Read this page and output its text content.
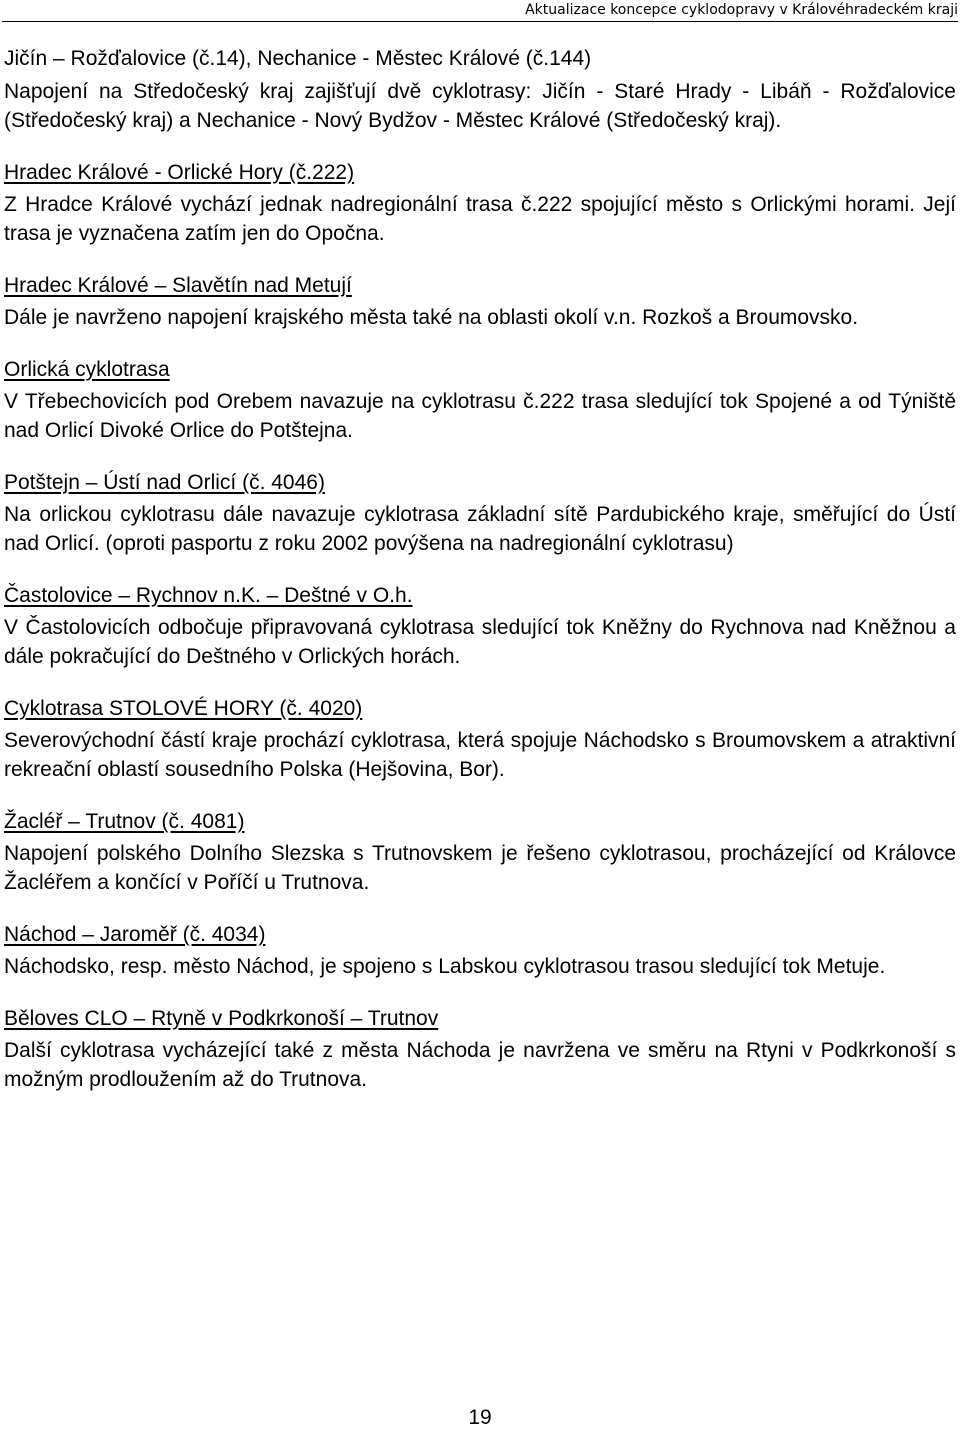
Aktualizace koncepce cyklodopravy v Královéhradeckém kraji

Jičín – Rožďalovice (č.14), Nechanice - Městec Králové (č.144)

Napojení na Středočeský kraj zajišťují dvě cyklotrasy: Jičín - Staré Hrady - Libáň - Rožďalovice (Středočeský kraj) a Nechanice - Nový Bydžov - Městec Králové (Středočeský kraj).

Hradec Králové - Orlické Hory (č.222)

Z Hradce Králové vychází jednak nadregionální trasa č.222 spojující město s Orlickými horami. Její trasa je vyznačena zatím jen do Opočna.

Hradec Králové – Slavětín nad Metují

Dále je navrženo napojení krajského města také na oblasti okolí v.n. Rozkoš a Broumovsko.

Orlická cyklotrasa

V Třebechovicích pod Orebem navazuje na cyklotrasu č.222 trasa sledující tok Spojené a od Týniště nad Orlicí Divoké Orlice do Potštejna.

Potštejn – Ústí nad Orlicí (č. 4046)

Na orlickou cyklotrasu dále navazuje cyklotrasa základní sítě Pardubického kraje, směřující do Ústí nad Orlicí. (oproti pasportu z roku 2002 povýšena na nadregionální cyklotrasu)

Častolovice – Rychnov n.K. – Deštné v O.h.

V Častolovicích odbočuje připravovaná cyklotrasa sledující tok Kněžny do Rychnova nad Kněžnou a dále pokračující do Deštného v Orlických horách.

Cyklotrasa STOLOVÉ HORY (č. 4020)

Severovýchodní částí kraje prochází cyklotrasa, která spojuje Náchodsko s Broumovskem a atraktivní rekreační oblastí sousedního Polska (Hejšovina, Bor).

Žacléř – Trutnov (č. 4081)

Napojení polského Dolního Slezska s Trutnovskem je řešeno cyklotrasou, procházející od Královce Žacléřem a končící v Poříčí u Trutnova.

Náchod – Jaroměř (č. 4034)

Náchodsko, resp. město Náchod, je spojeno s Labskou cyklotrasou trasou sledující tok Metuje.

Běloves CLO – Rtyně v Podkrkonoší – Trutnov

Další cyklotrasa vycházející také z města Náchoda je navržena ve směru na Rtyni v Podkrkonoší s možným prodloužením až do Trutnova.

19
